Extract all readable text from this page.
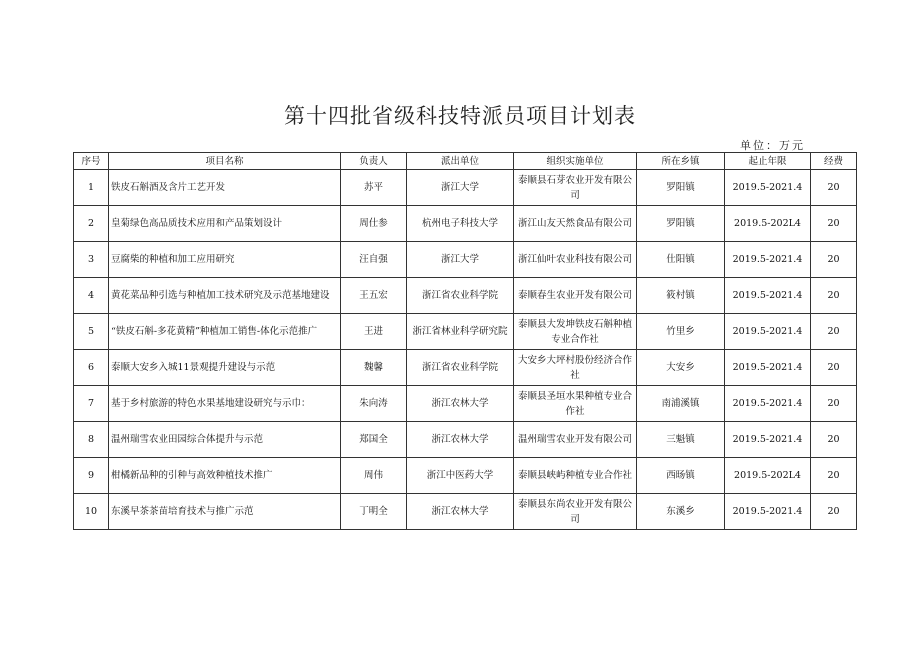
第十四批省级科技特派员项目计划表
单位：万元
序号	项目名称	负责人	派出单位	组织实施单位	所在乡镇	起止年限	经费
1	铁皮石斛酒及含片工艺开发	苏平	浙江大学	泰顺县石芽农业开发有限公司	罗阳镇	2019.5-2021.4	20
2	皇菊绿色高品质技术应用和产品策划设计	周仕参	杭州电子科技大学	浙江山友天然食品有限公司	罗阳镇	2019.5-202L4	20
3	豆腐柴的种植和加工应用研究	汪自强	浙江大学	浙江仙叶农业科技有限公司	仕阳镇	2019.5-2021.4	20
4	黄花菜品种引选与种植加工技术研究及示范基地建设	王五宏	浙江省农业科学院	泰顺春生农业开发有限公司	筱村镇	2019.5-2021.4	20
5	“铁皮石斛-多花黄精”种植加工销售-体化示范推广	王进	浙江省林业科学研究院	泰顺县大发坤铁皮石斛种植专业合作社	竹里乡	2019.5-2021.4	20
6	泰顺大安乡入城11景观提升建设与示范	魏馨	浙江省农业科学院	大安乡大坪村股份经济合作社	大安乡	2019.5-2021.4	20
7	基于乡村旅游的特色水果基地建设研究与示巾：	朱向涛	浙江农林大学	泰顺县圣垣水果种植专业合作社	南浦溪镇	2019.5-2021.4	20
8	温州瑞雪农业田园综合体提升与示范	郑国全	浙江农林大学	温州瑞雪农业开发有限公司	三魁镇	2019.5-2021.4	20
9	柑橘新品种的引种与高效种植技术推广	周伟	浙江中医药大学	泰顺县峡屿种植专业合作社	西旸镇	2019.5-202L4	20
10	东溪早茶茶苗培育技术与推广示范	丁明全	浙江农林大学	泰顺县东尚农业开发有限公司	东溪乡	2019.5-2021.4	20
